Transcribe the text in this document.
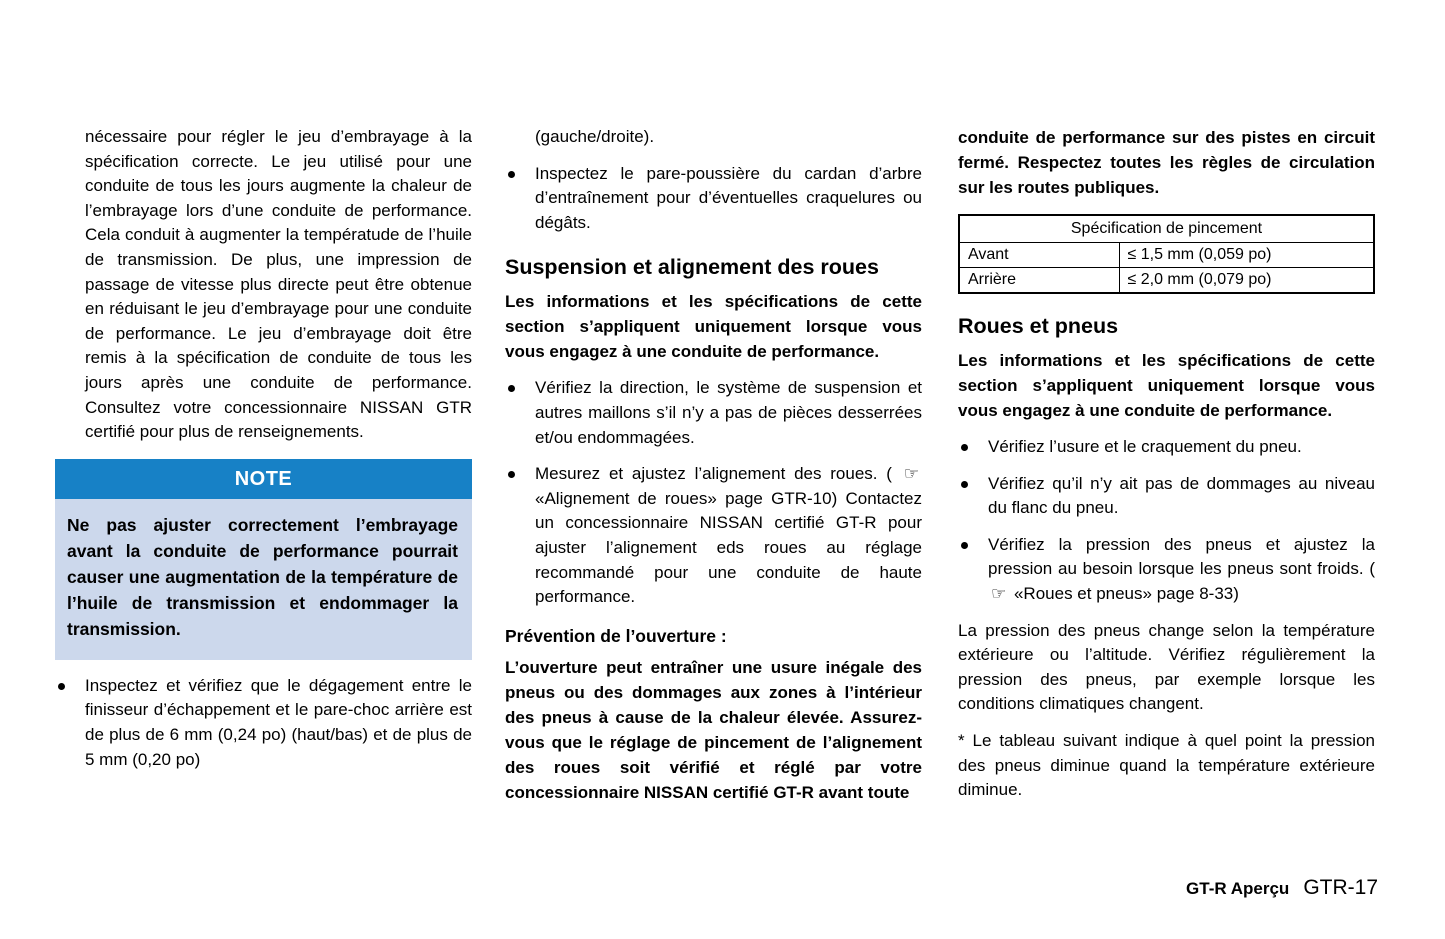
nécessaire pour régler le jeu d’embrayage à la spécification correcte. Le jeu utilisé pour une conduite de tous les jours augmente la chaleur de l’embrayage lors d’une conduite de performance. Cela conduit à augmenter la températude de l’huile de transmission. De plus, une impression de passage de vitesse plus directe peut être obtenue en réduisant le jeu d’embrayage pour une conduite de performance. Le jeu d’embrayage doit être remis à la spécification de conduite de tous les jours après une conduite de performance. Consultez votre concessionnaire NISSAN GTR certifié pour plus de renseignements.

NOTE
Ne pas ajuster correctement l’embrayage avant la conduite de performance pourrait causer une augmentation de la température de l’huile de transmission et endommager la transmission.

Inspectez et vérifiez que le dégagement entre le finisseur d’échappement et le pare-choc arrière est de plus de 6 mm (0,24 po) (haut/bas) et de plus de 5 mm (0,20 po)

(gauche/droite).

Inspectez le pare-poussière du cardan d’arbre d’entraînement pour d’éventuelles craquelures ou dégâts.

Suspension et alignement des roues

Les informations et les spécifications de cette section s’appliquent uniquement lorsque vous vous engagez à une conduite de performance.

Vérifiez la direction, le système de suspension et autres maillons s’il n’y a pas de pièces desserrées et/ou endommagées.

Mesurez et ajustez l’alignement des roues. ( ☞ «Alignement de roues» page GTR-10) Contactez un concessionnaire NISSAN certifié GT-R pour ajuster l’alignement eds roues au réglage recommandé pour une conduite de haute performance.

Prévention de l’ouverture :

L’ouverture peut entraîner une usure inégale des pneus ou des dommages aux zones à l’intérieur des pneus à cause de la chaleur élevée. Assurez-vous que le réglage de pincement de l’alignement des roues soit vérifié et réglé par votre concessionnaire NISSAN certifié GT-R avant toute

conduite de performance sur des pistes en circuit fermé. Respectez toutes les règles de circulation sur les routes publiques.

Spécification de pincement	
Avant	≤ 1,5 mm (0,059 po)
Arrière	≤ 2,0 mm (0,079 po)
Roues et pneus

Les informations et les spécifications de cette section s’appliquent uniquement lorsque vous vous engagez à une conduite de performance.

Vérifiez l’usure et le craquement du pneu.

Vérifiez qu’il n’y ait pas de dommages au niveau du flanc du pneu.

Vérifiez la pression des pneus et ajustez la pression au besoin lorsque les pneus sont froids. ( ☞ «Roues et pneus» page 8-33)

La pression des pneus change selon la température extérieure ou l’altitude. Vérifiez régulièrement la pression des pneus, par exemple lorsque les conditions climatiques changent.

* Le tableau suivant indique à quel point la pression des pneus diminue quand la température extérieure diminue.

GT-R Aperçu GTR-17
